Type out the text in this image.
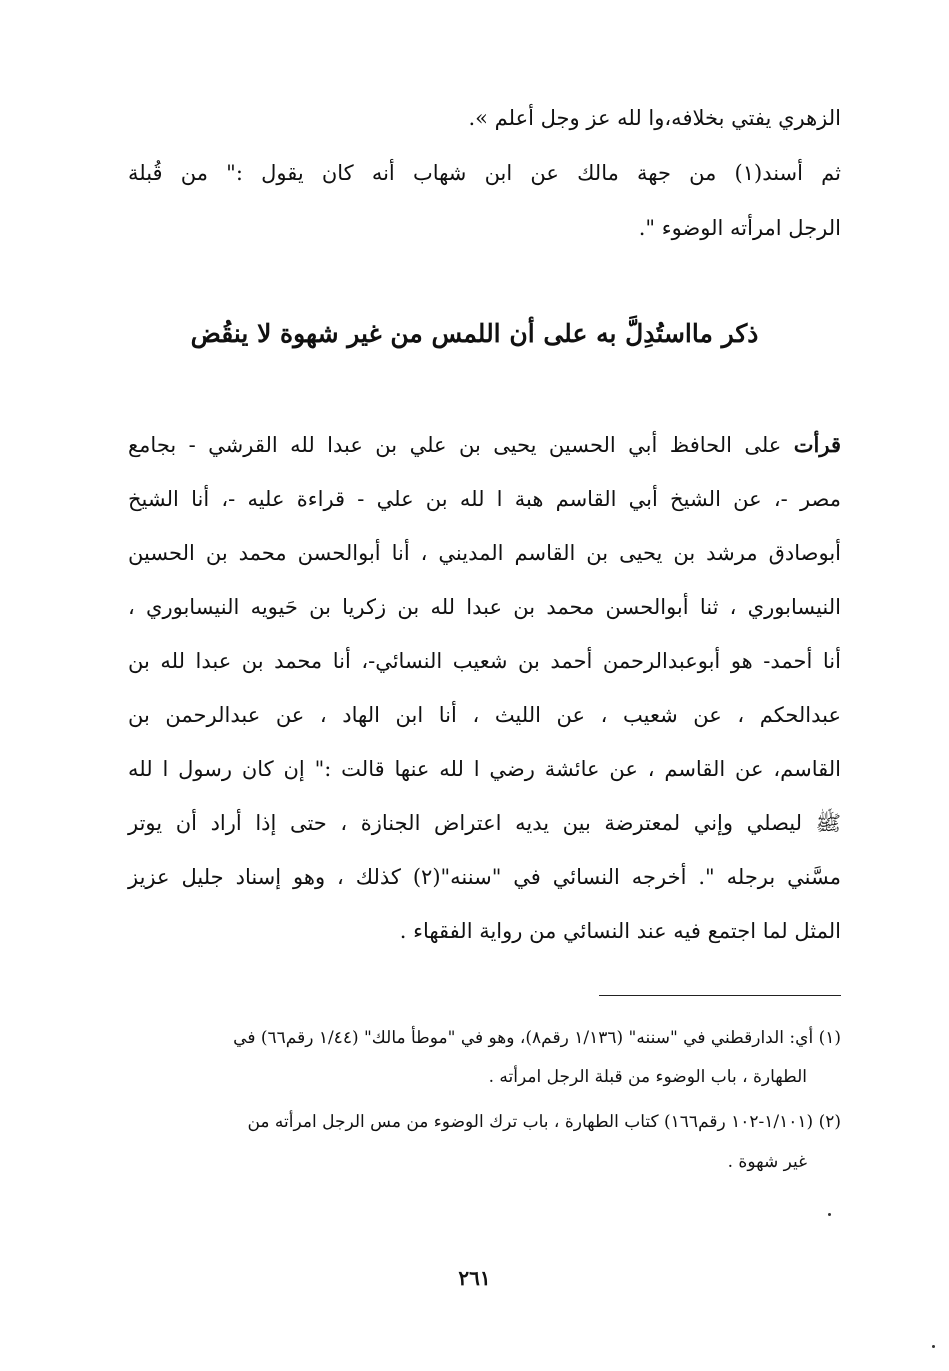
الزهري يفتي بخلافه،وا لله عز وجل أعلم ».
ثم أسند(١) من جهة مالك عن ابن شهاب أنه كان يقول :" من قُبلة
الرجل امرأته الوضوء ".
ذكر مااستُدِلَّ به على أن اللمس من غير شهوة لا ينقُض
قرأت على الحافظ أبي الحسين يحيى بن علي بن عبدا لله القرشي - بجامع
مصر -، عن الشيخ أبي القاسم هبة ا لله بن علي - قراءة عليه -، أنا الشيخ
أبوصادق مرشد بن يحيى بن القاسم المديني ، أنا أبوالحسن محمد بن الحسين
النيسابوري ، ثنا أبوالحسن محمد بن عبدا لله بن زكريا بن حَيويه النيسابوري ،
أنا أحمد- هو أبوعبدالرحمن أحمد بن شعيب النسائي-، أنا محمد بن عبدا لله بن
عبدالحكم ، عن شعيب ، عن الليث ، أنا ابن الهاد ، عن عبدالرحمن بن
القاسم، عن القاسم ، عن عائشة رضي ا لله عنها قالت :" إن كان رسول ا لله
ﷺ ليصلي وإني لمعترضة بين يديه اعتراض الجنازة ، حتى إذا أراد أن يوتر
مسَّني برجله ". أخرجه النسائي في "سننه"(٢) كذلك ، وهو إسناد جليل عزيز
المثل لما اجتمع فيه عند النسائي من رواية الفقهاء .
(١) أي: الدارقطني في "سننه" (١/١٣٦ رقم٨)، وهو في "موطأ مالك" (١/٤٤ رقم٦٦) في
الطهارة ، باب الوضوء من قبلة الرجل امرأته .
(٢) (١/١٠١-١٠٢ رقم١٦٦) كتاب الطهارة ، باب ترك الوضوء من مس الرجل امرأته من
غير شهوة .
٢٦١
